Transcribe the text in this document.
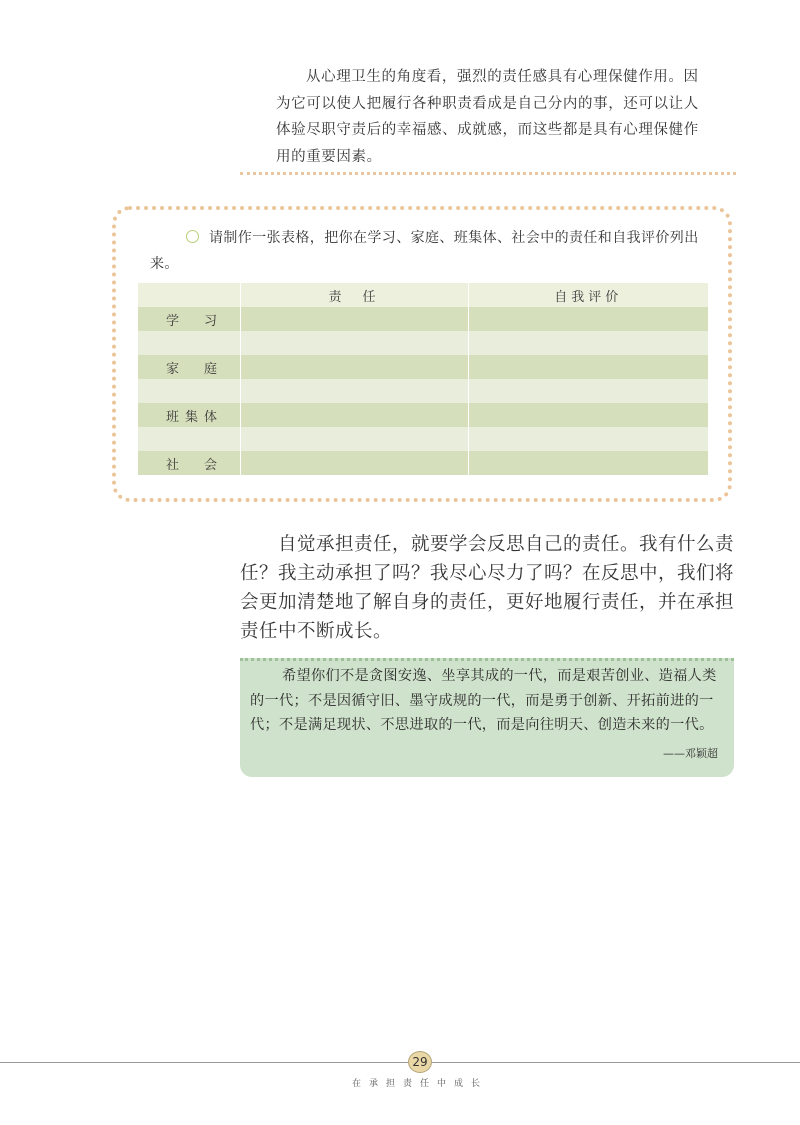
从心理卫生的角度看，强烈的责任感具有心理保健作用。因为它可以使人把履行各种职责看成是自己分内的事，还可以让人体验尽职守责后的幸福感、成就感，而这些都是具有心理保健作用的重要因素。
请制作一张表格，把你在学习、家庭、班集体、社会中的责任和自我评价列出来。
	责　任	自我评价
学　习		

家　庭		

班集体		

社　会		
自觉承担责任，就要学会反思自己的责任。我有什么责任？我主动承担了吗？我尽心尽力了吗？在反思中，我们将会更加清楚地了解自身的责任，更好地履行责任，并在承担责任中不断成长。
希望你们不是贪图安逸、坐享其成的一代，而是艰苦创业、造福人类的一代；不是因循守旧、墨守成规的一代，而是勇于创新、开拓前进的一代；不是满足现状、不思进取的一代，而是向往明天、创造未来的一代。
——邓颖超
29
在承担责任中成长
